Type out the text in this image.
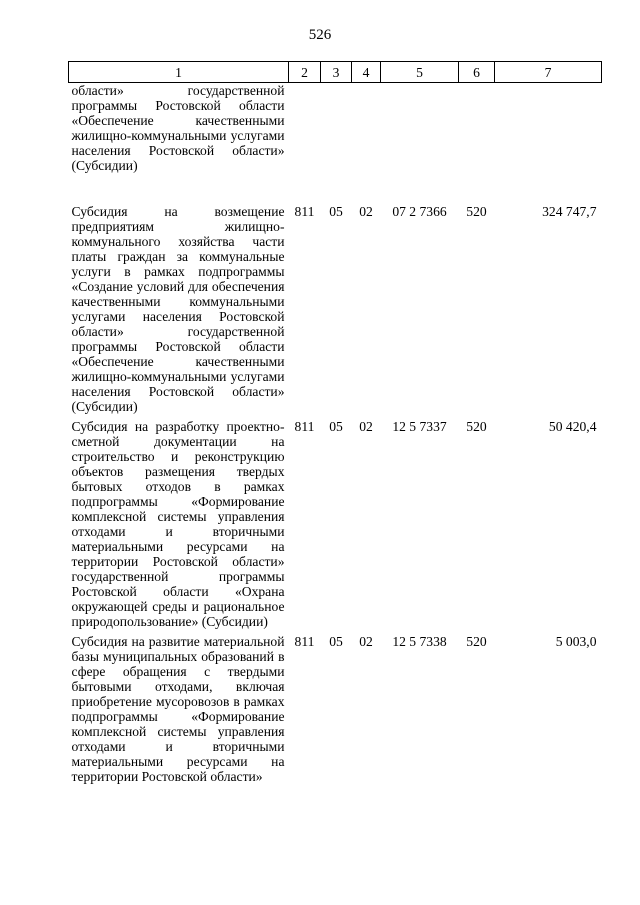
526
1	2	3	4	5	6	7
области» государственной программы Ростовской области «Обеспечение качественными жилищно-коммунальными услугами населения Ростовской области» (Субсидии)						
Субсидия на возмещение предприятиям жилищно-коммунального хозяйства части платы граждан за коммунальные услуги в рамках подпрограммы «Создание условий для обеспечения качественными коммунальными услугами населения Ростовской области» государственной программы Ростовской области «Обеспечение качественными жилищно-коммунальными услугами населения Ростовской области» (Субсидии)	811	05	02	07 2 7366	520	324 747,7
Субсидия на разработку проектно-сметной документации на строительство и реконструкцию объектов размещения твердых бытовых отходов в рамках подпрограммы «Формирование комплексной системы управления отходами и вторичными материальными ресурсами на территории Ростовской области» государственной программы Ростовской области «Охрана окружающей среды и рациональное природопользование» (Субсидии)	811	05	02	12 5 7337	520	50 420,4
Субсидия на развитие материальной базы муниципальных образований в сфере обращения с твердыми бытовыми отходами, включая приобретение мусоровозов в рамках подпрограммы «Формирование комплексной системы управления отходами и вторичными материальными ресурсами на территории Ростовской области»	811	05	02	12 5 7338	520	5 003,0
